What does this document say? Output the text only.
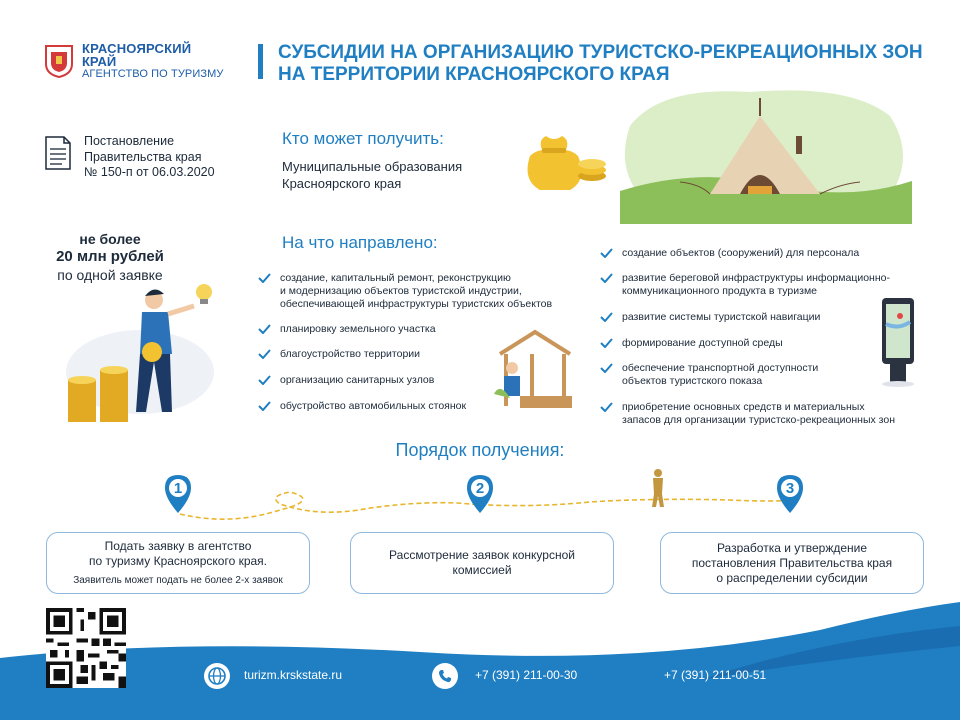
КРАСНОЯРСКИЙ
КРАЙ
АГЕНТСТВО ПО ТУРИЗМУ
СУБСИДИИ НА ОРГАНИЗАЦИЮ ТУРИСТСКО-РЕКРЕАЦИОННЫХ ЗОН
НА ТЕРРИТОРИИ КРАСНОЯРСКОГО КРАЯ
Постановление
Правительства края
№ 150-п от 06.03.2020
Кто может получить:
Муниципальные образования
Красноярского края
не более
20 млн рублей
по одной заявке
На что направлено:
создание, капитальный ремонт, реконструкцию
и модернизацию объектов туристской индустрии,
обеспечивающей инфраструктуры туристских объектов
планировку земельного участка
благоустройство территории
организацию санитарных узлов
обустройство автомобильных стоянок
создание объектов (сооружений) для персонала
развитие береговой инфраструктуры информационно-
коммуникационного продукта в туризме
развитие системы туристской навигации
формирование доступной среды
обеспечение транспортной доступности
объектов туристского показа
приобретение основных средств и материальных
запасов для организации туристско-рекреационных зон
Порядок получения:
1
Подать заявку в агентство
по туризму Красноярского края.
Заявитель может подать не более 2-х заявок
2
Рассмотрение заявок конкурсной
комиссией
3
Разработка и утверждение
постановления Правительства края
о распределении субсидии
turizm.krskstate.ru	+7 (391) 211-00-30	+7 (391) 211-00-51
